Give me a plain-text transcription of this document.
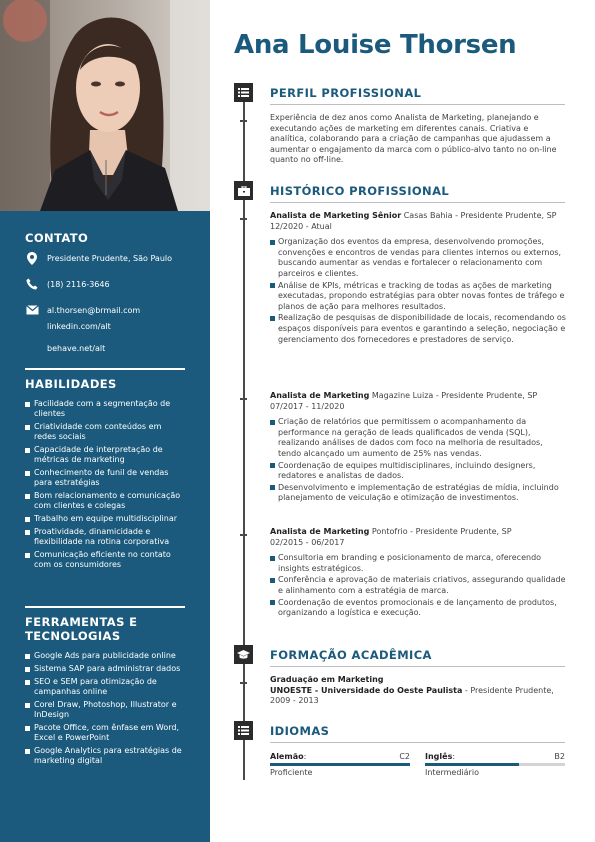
CONTATO
Presidente Prudente, São Paulo
(18) 2116-3646
al.thorsen@brmail.com
linkedin.com/alt
behave.net/alt
HABILIDADES
Facilidade com a segmentação de clientes
Criatividade com conteúdos em redes sociais
Capacidade de interpretação de métricas de marketing
Conhecimento de funil de vendas para estratégias
Bom relacionamento e comunicação com clientes e colegas
Trabalho em equipe multidisciplinar
Proatividade, dinamicidade e flexibilidade na rotina corporativa
Comunicação eficiente no contato com os consumidores
FERRAMENTAS E TECNOLOGIAS
Google Ads para publicidade online
Sistema SAP para administrar dados
SEO e SEM para otimização de campanhas online
Corel Draw, Photoshop, Illustrator e InDesign
Pacote Office, com ênfase em Word, Excel e PowerPoint
Google Analytics para estratégias de marketing digital
Ana Louise Thorsen
PERFIL PROFISSIONAL
Experiência de dez anos como Analista de Marketing, planejando e executando ações de marketing em diferentes canais. Criativa e analítica, colaborando para a criação de campanhas que ajudassem a aumentar o engajamento da marca com o público-alvo tanto no on-line quanto no off-line.
HISTÓRICO PROFISSIONAL
Analista de Marketing Sênior Casas Bahia - Presidente Prudente, SP
12/2020 - Atual
Organização dos eventos da empresa, desenvolvendo promoções, convenções e encontros de vendas para clientes internos ou externos, buscando aumentar as vendas e fortalecer o relacionamento com parceiros e clientes.
Análise de KPIs, métricas e tracking de todas as ações de marketing executadas, propondo estratégias para obter novas fontes de tráfego e planos de ação para melhores resultados.
Realização de pesquisas de disponibilidade de locais, recomendando os espaços disponíveis para eventos e garantindo a seleção, negociação e gerenciamento dos fornecedores e prestadores de serviço.
Analista de Marketing Magazine Luiza - Presidente Prudente, SP
07/2017 - 11/2020
Criação de relatórios que permitissem o acompanhamento da performance na geração de leads qualificados de venda (SQL), realizando análises de dados com foco na melhoria de resultados, tendo alcançado um aumento de 25% nas vendas.
Coordenação de equipes multidisciplinares, incluindo designers, redatores e analistas de dados.
Desenvolvimento e implementação de estratégias de mídia, incluindo planejamento de veiculação e otimização de investimentos.
Analista de Marketing Pontofrio - Presidente Prudente, SP
02/2015 - 06/2017
Consultoria em branding e posicionamento de marca, oferecendo insights estratégicos.
Conferência e aprovação de materiais criativos, assegurando qualidade e alinhamento com a estratégia de marca.
Coordenação de eventos promocionais e de lançamento de produtos, organizando a logística e execução.
FORMAÇÃO ACADÊMICA
Graduação em Marketing
UNOESTE - Universidade do Oeste Paulista - Presidente Prudente, 2009 - 2013
IDIOMAS
Alemão:	C2
Proficiente
Inglês:	B2
Intermediário
